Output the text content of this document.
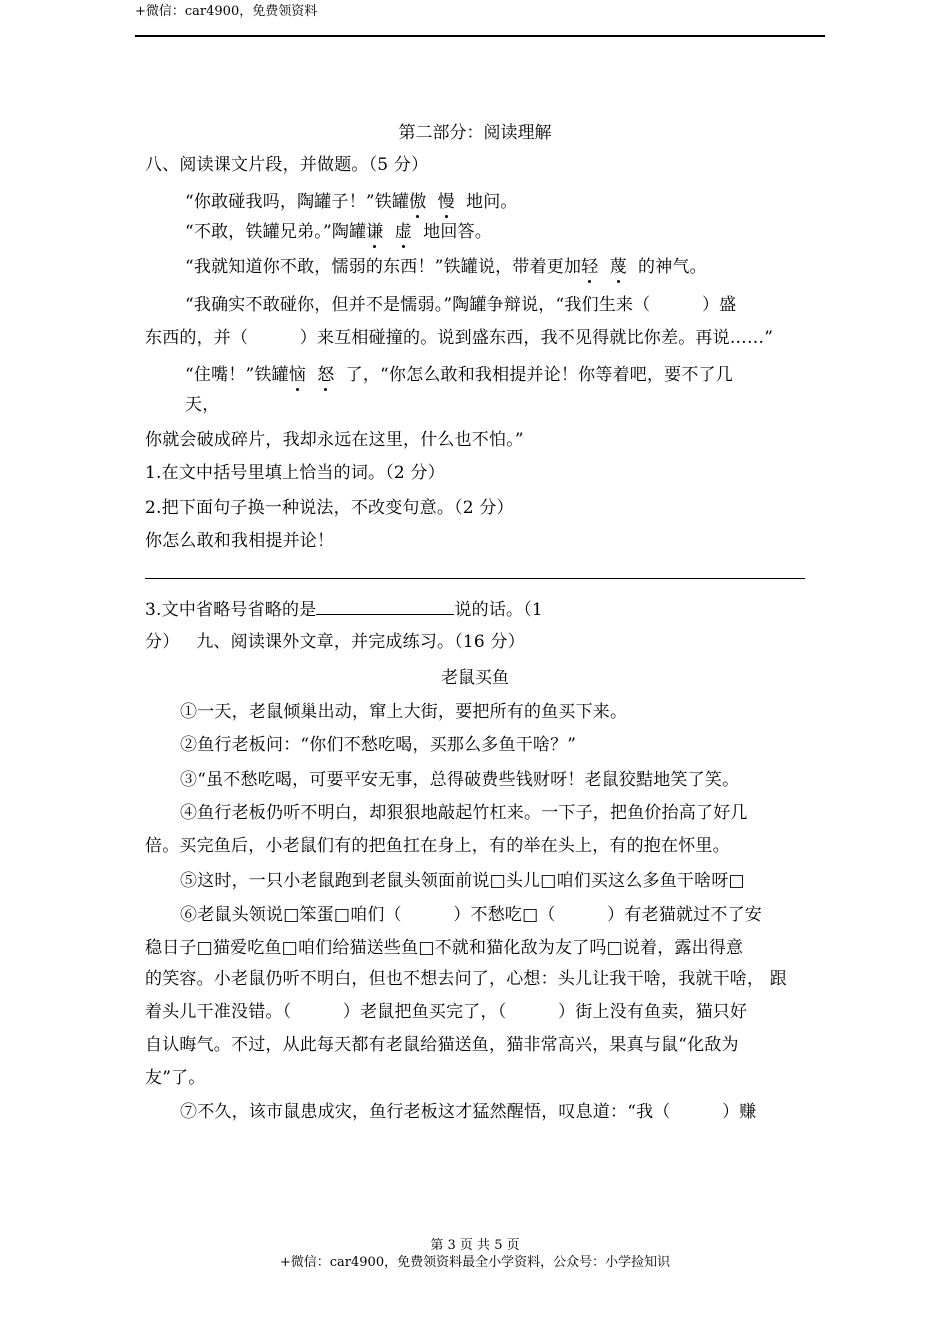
+微信：car4900，免费领资料
第二部分：阅读理解
八、阅读课文片段，并做题。（5 分）
“你敢碰我吗，陶罐子！”铁罐傲 慢 地问。
“不敢，铁罐兄弟。”陶罐谦 虚 地回答。
“我就知道你不敢，懦弱的东西！”铁罐说，带着更加轻 蔑 的神气。
“我确实不敢碰你，但并不是懦弱。”陶罐争辩说，“我们生来（　　　）盛
东西的，并（　　　）来互相碰撞的。说到盛东西，我不见得就比你差。再说……”
“住嘴！”铁罐恼 怒 了，“你怎么敢和我相提并论！你等着吧，要不了几
天，
你就会破成碎片，我却永远在这里，什么也不怕。”
1.在文中括号里填上恰当的词。（2 分）
2.把下面句子换一种说法，不改变句意。（2 分）
你怎么敢和我相提并论！
3.文中省略号省略的是	说的话。（1
分） 九、阅读课外文章，并完成练习。（16 分）
老鼠买鱼
①一天，老鼠倾巢出动，窜上大街，要把所有的鱼买下来。
②鱼行老板问：“你们不愁吃喝，买那么多鱼干啥？”
③“虽不愁吃喝，可要平安无事，总得破费些钱财呀！老鼠狡黠地笑了笑。
④鱼行老板仍听不明白，却狠狠地敲起竹杠来。一下子，把鱼价抬高了好几
倍。买完鱼后，小老鼠们有的把鱼扛在身上，有的举在头上，有的抱在怀里。
⑤这时，一只小老鼠跑到老鼠头领面前说□头儿□咱们买这么多鱼干啥呀□
⑥老鼠头领说□笨蛋□咱们（　　　）不愁吃□（　　　）有老猫就过不了安
稳日子□猫爱吃鱼□咱们给猫送些鱼□不就和猫化敌为友了吗□说着，露出得意
的笑容。小老鼠仍听不明白，但也不想去问了，心想：头儿让我干啥，我就干啥， 跟
着头儿干准没错。（　　　）老鼠把鱼买完了，（　　　）街上没有鱼卖，猫只好
自认晦气。不过，从此每天都有老鼠给猫送鱼，猫非常高兴，果真与鼠“化敌为
友”了。
⑦不久，该市鼠患成灾，鱼行老板这才猛然醒悟，叹息道：“我（　　　）赚
第 3 页 共 5 页
+微信：car4900，免费领资料最全小学资料，公众号：小学捡知识
